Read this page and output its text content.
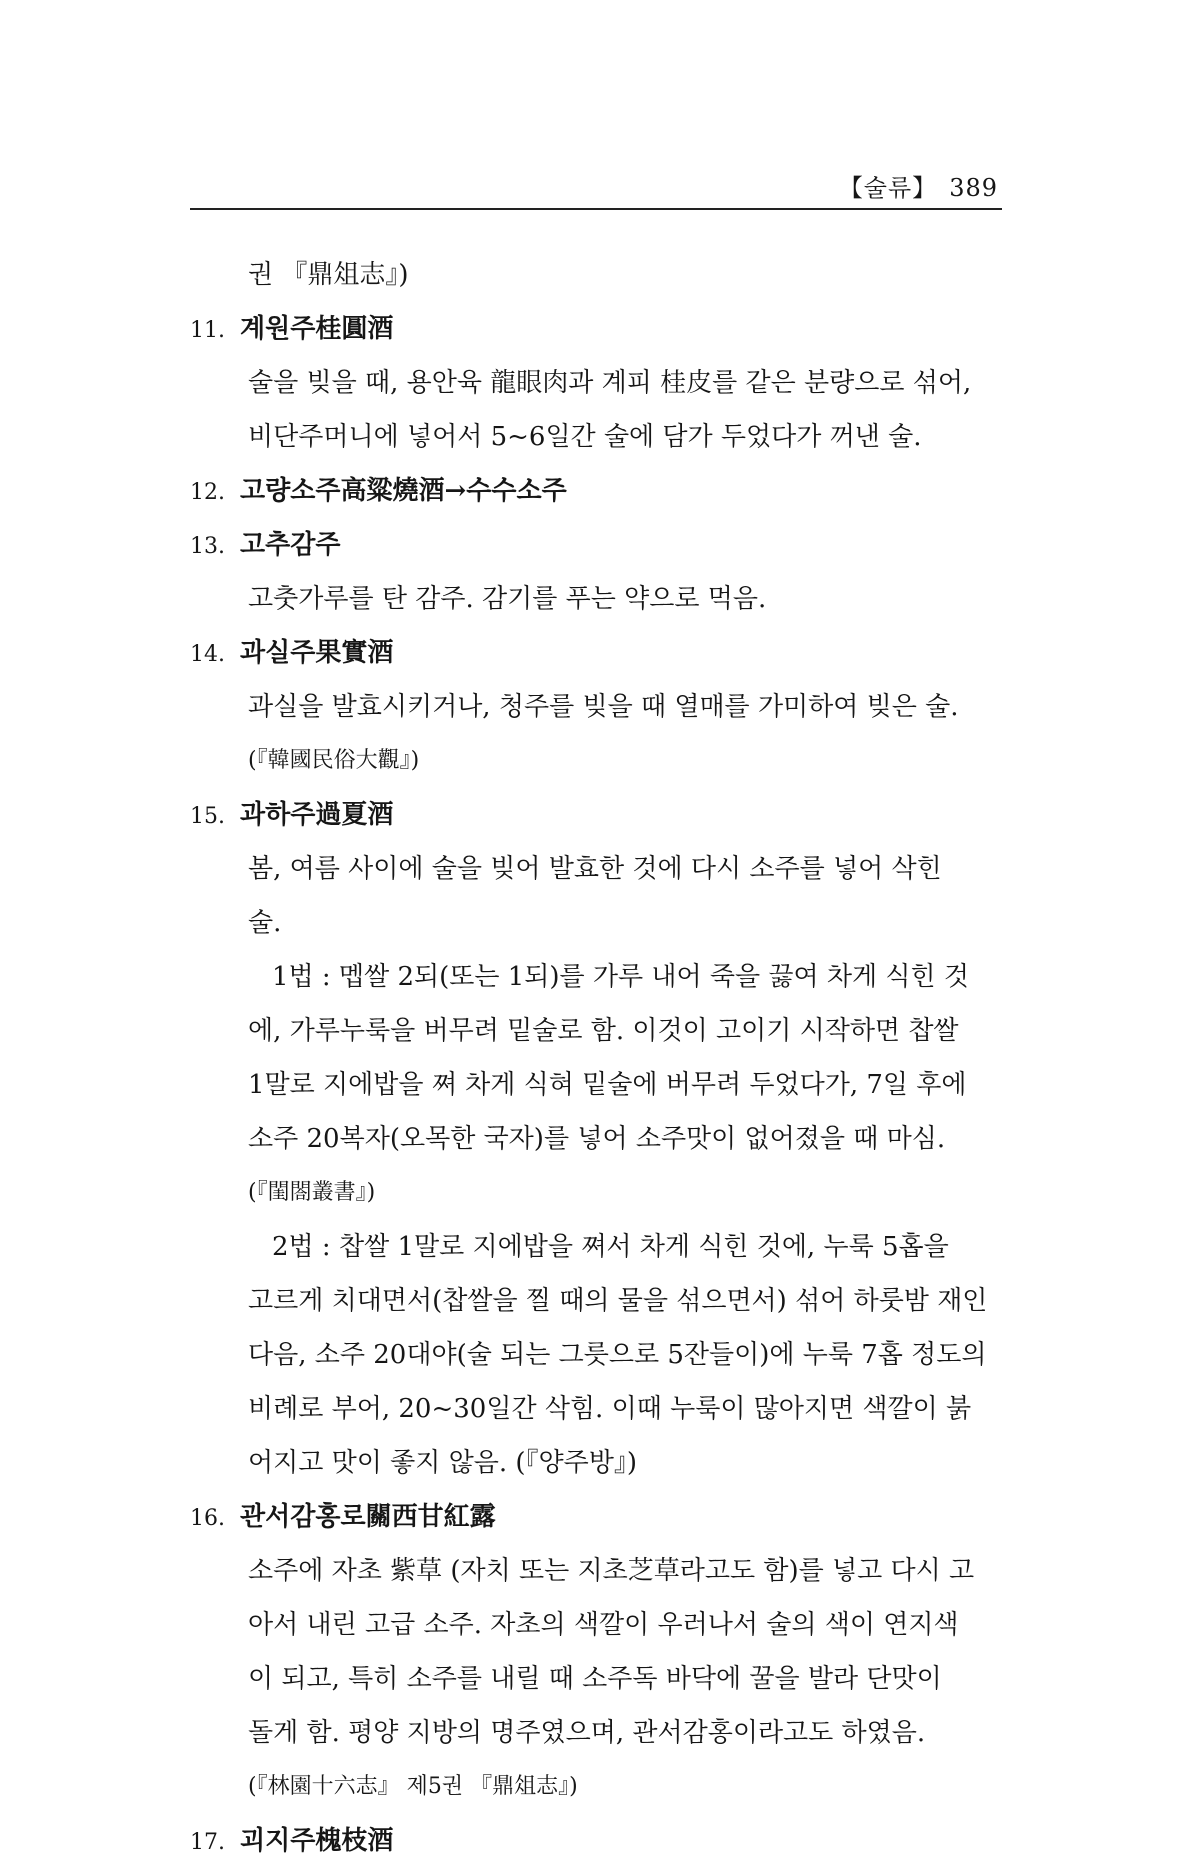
【술류】 389
권 『鼎俎志』)
11. 계원주桂圓酒
술을 빚을 때, 용안육 龍眼肉과 계피 桂皮를 같은 분량으로 섞어,
비단주머니에 넣어서 5~6일간 술에 담가 두었다가 꺼낸 술.
12. 고량소주高粱燒酒→수수소주
13. 고추감주
고춧가루를 탄 감주. 감기를 푸는 약으로 먹음.
14. 과실주果實酒
과실을 발효시키거나, 청주를 빚을 때 열매를 가미하여 빚은 술.
(『韓國民俗大觀』)
15. 과하주過夏酒
봄, 여름 사이에 술을 빚어 발효한 것에 다시 소주를 넣어 삭힌
술.
1법 : 멥쌀 2되(또는 1되)를 가루 내어 죽을 끓여 차게 식힌 것
에, 가루누룩을 버무려 밑술로 함. 이것이 고이기 시작하면 찹쌀
1말로 지에밥을 쪄 차게 식혀 밑술에 버무려 두었다가, 7일 후에
소주 20복자(오목한 국자)를 넣어 소주맛이 없어졌을 때 마심.
(『閨閤叢書』)
2법 : 찹쌀 1말로 지에밥을 쪄서 차게 식힌 것에, 누룩 5홉을
고르게 치대면서(찹쌀을 찔 때의 물을 섞으면서) 섞어 하룻밤 재인
다음, 소주 20대야(술 되는 그릇으로 5잔들이)에 누룩 7홉 정도의
비례로 부어, 20~30일간 삭힘. 이때 누룩이 많아지면 색깔이 붉
어지고 맛이 좋지 않음. (『양주방』)
16. 관서감홍로關西甘紅露
소주에 자초 紫草 (자치 또는 지초芝草라고도 함)를 넣고 다시 고
아서 내린 고급 소주. 자초의 색깔이 우러나서 술의 색이 연지색
이 되고, 특히 소주를 내릴 때 소주독 바닥에 꿀을 발라 단맛이
돌게 함. 평양 지방의 명주였으며, 관서감홍이라고도 하였음.
(『林園十六志』 제5권 『鼎俎志』)
17. 괴지주槐枝酒
